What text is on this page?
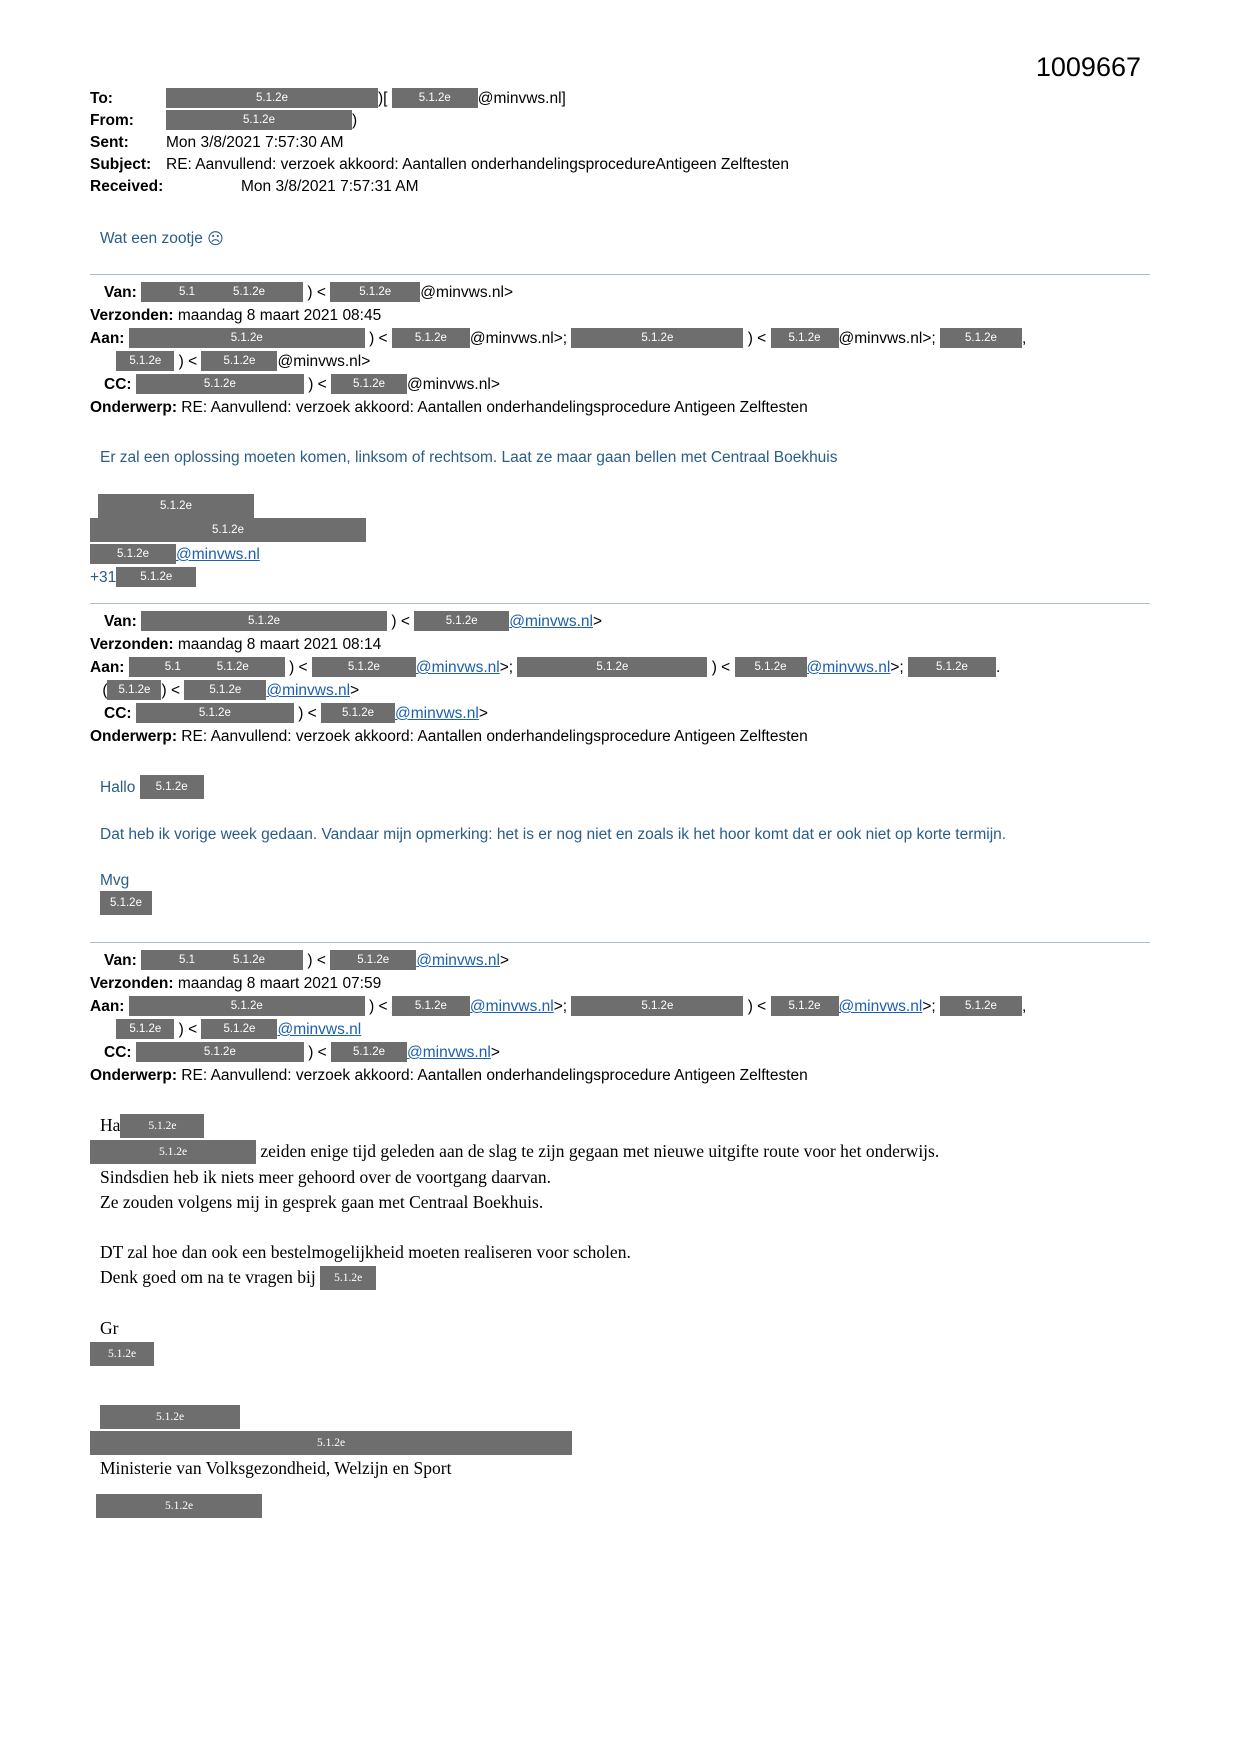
1009667

To:	5.1.2e	)[	5.1.2e @minvws.nl]

From:	5.1.2e	)

Sent:	Mon 3/8/2021 7:57:30 AM

Subject: RE: Aanvullend: verzoek akkoord: Aantallen onderhandelingsprocedureAntigeen Zelftesten

Received:	Mon 3/8/2021 7:57:31 AM

Wat een zootje ☹

Van:	5.1	5.1.2e	) <	5.1.2e @minvws.nl>

Verzonden: maandag 8 maart 2021 08:45

Aan:	5.1.2e	) < 5.1.2e @minvws.nl>;	5.1.2e	) < 5.1.2e @minvws.nl>;	5.1.2e ,
5.1.2e ) < 5.1.2e @minvws.nl>

CC:	5.1.2e	) < 5.1.2e @minvws.nl>

Onderwerp: RE: Aanvullend: verzoek akkoord: Aantallen onderhandelingsprocedure Antigeen Zelftesten

Er zal een oplossing moeten komen, linksom of rechtsom. Laat ze maar gaan bellen met Centraal Boekhuis

5.1.2e

5.1.2e

5.1.2e @minvws.nl

+31 5.1.2e

Van:	5.1.2e	) <	5.1.2e @minvws.nl>

Verzonden: maandag 8 maart 2021 08:14

Aan:	5.1	5.1.2e	) <	5.1.2e @minvws.nl>;	5.1.2e	) < 5.1.2e @minvws.nl>;	5.1.2e .
( 5.1.2e ) <	5.1.2e @minvws.nl>

CC:	5.1.2e	) < 5.1.2e @minvws.nl>

Onderwerp: RE: Aanvullend: verzoek akkoord: Aantallen onderhandelingsprocedure Antigeen Zelftesten

Hallo 5.1.2e

Dat heb ik vorige week gedaan. Vandaar mijn opmerking: het is er nog niet en zoals ik het hoor komt dat er ook niet op korte termijn.

Mvg

5.1.2e

Van:	5.1	5.1.2e	) <	5.1.2e @minvws.nl>

Verzonden: maandag 8 maart 2021 07:59

Aan:	5.1.2e	) < 5.1.2e @minvws.nl>;	5.1.2e	) < 5.1.2e @minvws.nl>;	5.1.2e ,
5.1.2e ) < 5.1.2e @minvws.nl

CC:	5.1.2e	) < 5.1.2e @minvws.nl>

Onderwerp: RE: Aanvullend: verzoek akkoord: Aantallen onderhandelingsprocedure Antigeen Zelftesten

Ha 5.1.2e

5.1.2e	zeiden enige tijd geleden aan de slag te zijn gegaan met nieuwe uitgifte route voor het onderwijs.

Sindsdien heb ik niets meer gehoord over de voortgang daarvan.

Ze zouden volgens mij in gesprek gaan met Centraal Boekhuis.

DT zal hoe dan ook een bestelmogelijkheid moeten realiseren voor scholen.

Denk goed om na te vragen bij 5.1.2e

Gr

5.1.2e

5.1.2e

5.1.2e

Ministerie van Volksgezondheid, Welzijn en Sport

5.1.2e
